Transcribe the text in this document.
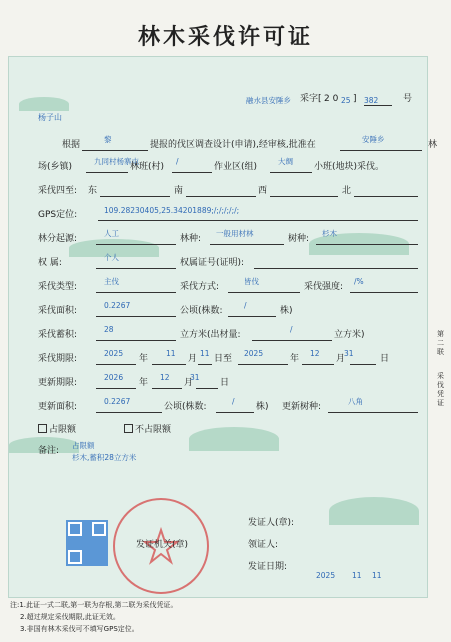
林木采伐许可证
融水县安陲乡 采字[ 2 0 25 ] 382	号
杨子山
根据
黎
提报的伐区调查设计(申请),经审核,批准在
安陲乡
林
场(乡镇)
九同村杨寨屯
林班(村)
/
作业区(组)
大绸
小班(地块)采伐。
采伐四至: 东	南	西	北
GPS定位:	109.28230405,25.34201889;/;/;/;/;/;
林分起源:
人工
林种:
一般用材林
树种:
杉木
权 属:
个人
权属证号(证明):
采伐类型:
主伐
采伐方式:
皆伐
采伐强度:
/%
采伐面积:
0.2267
公顷(株数:
/
株)
采伐蓄积:
28
立方米(出材量:
/
立方米)
采伐期限:
2025
年
11
月
11
日至
2025
年
12
月
31
日
更新期限:
2026
年
12
月
31
日
更新面积:
0.2267
公顷(株数:
/
株) 更新树种:
八角
占限额	不占限额
备注:
占限额
杉木,蓄积28立方米
发证机关(章)
发证人(章):
领证人:
发证日期:
2025 11 11
第二联
采伐凭证
注:1.此证一式二联,第一联为存根,第二联为采伐凭证。
2.超过规定采伐期限,此证无效。
3.非国有林木采伐可不填写GPS定位。
